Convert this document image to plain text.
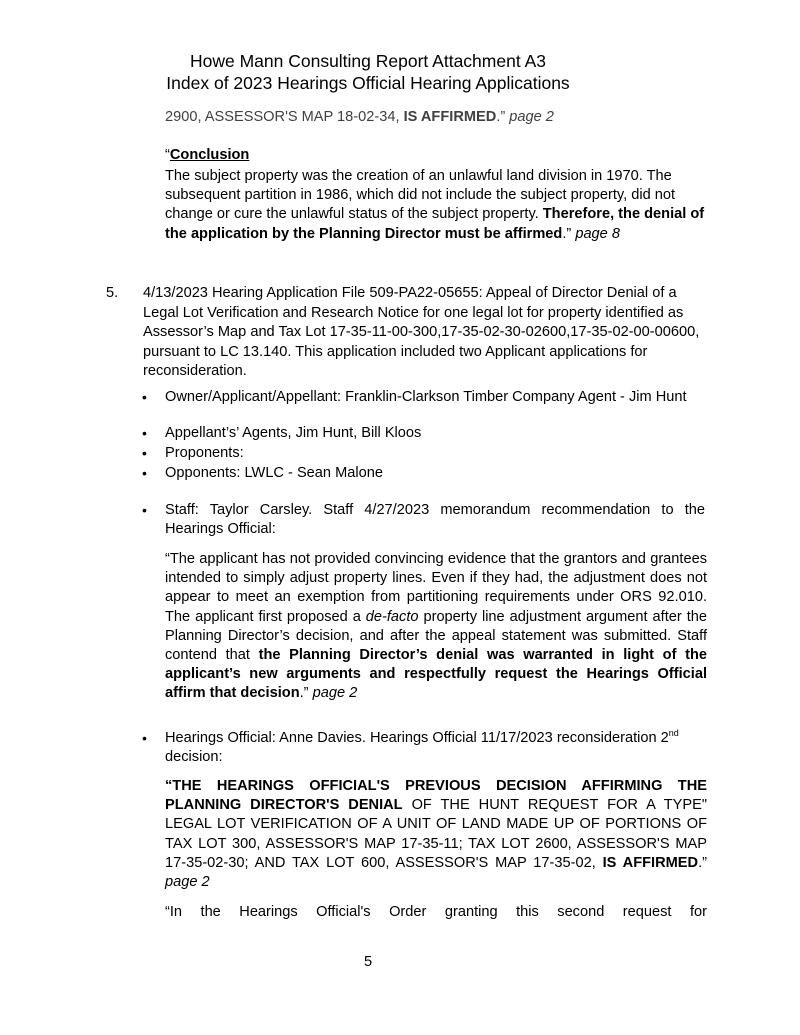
Howe Mann Consulting Report Attachment A3
Index of 2023 Hearings Official Hearing Applications

2900, ASSESSOR'S MAP 18-02-34, IS AFFIRMED.” page 2

“Conclusion

The subject property was the creation of an unlawful land division in 1970. The subsequent partition in 1986, which did not include the subject property, did not change or cure the unlawful status of the subject property. Therefore, the denial of the application by the Planning Director must be affirmed.” page 8

5. 4/13/2023 Hearing Application File 509-PA22-05655: Appeal of Director Denial of a Legal Lot Verification and Research Notice for one legal lot for property identified as Assessor’s Map and Tax Lot 17-35-11-00-300,17-35-02-30-02600,17-35-02-00-00600, pursuant to LC 13.140. This application included two Applicant applications for reconsideration.

• Owner/Applicant/Appellant: Franklin-Clarkson Timber Company Agent - Jim Hunt

• Appellant’s’ Agents, Jim Hunt, Bill Kloos

• Proponents:

• Opponents: LWLC - Sean Malone

• Staff: Taylor Carsley. Staff 4/27/2023 memorandum recommendation to the Hearings Official:

“The applicant has not provided convincing evidence that the grantors and grantees intended to simply adjust property lines. Even if they had, the adjustment does not appear to meet an exemption from partitioning requirements under ORS 92.010. The applicant first proposed a de-facto property line adjustment argument after the Planning Director’s decision, and after the appeal statement was submitted. Staff contend that the Planning Director’s denial was warranted in light of the applicant’s new arguments and respectfully request the Hearings Official affirm that decision.” page 2

• Hearings Official: Anne Davies. Hearings Official 11/17/2023 reconsideration 2nd decision:

“THE HEARINGS OFFICIAL'S PREVIOUS DECISION AFFIRMING THE PLANNING DIRECTOR'S DENIAL OF THE HUNT REQUEST FOR A TYPE" LEGAL LOT VERIFICATION OF A UNIT OF LAND MADE UP OF PORTIONS OF TAX LOT 300, ASSESSOR'S MAP 17-35-11; TAX LOT 2600, ASSESSOR'S MAP 17-35-02-30; AND TAX LOT 600, ASSESSOR'S MAP 17-35-02, IS AFFIRMED.” page 2

“In the Hearings Official's Order granting this second request for

5
